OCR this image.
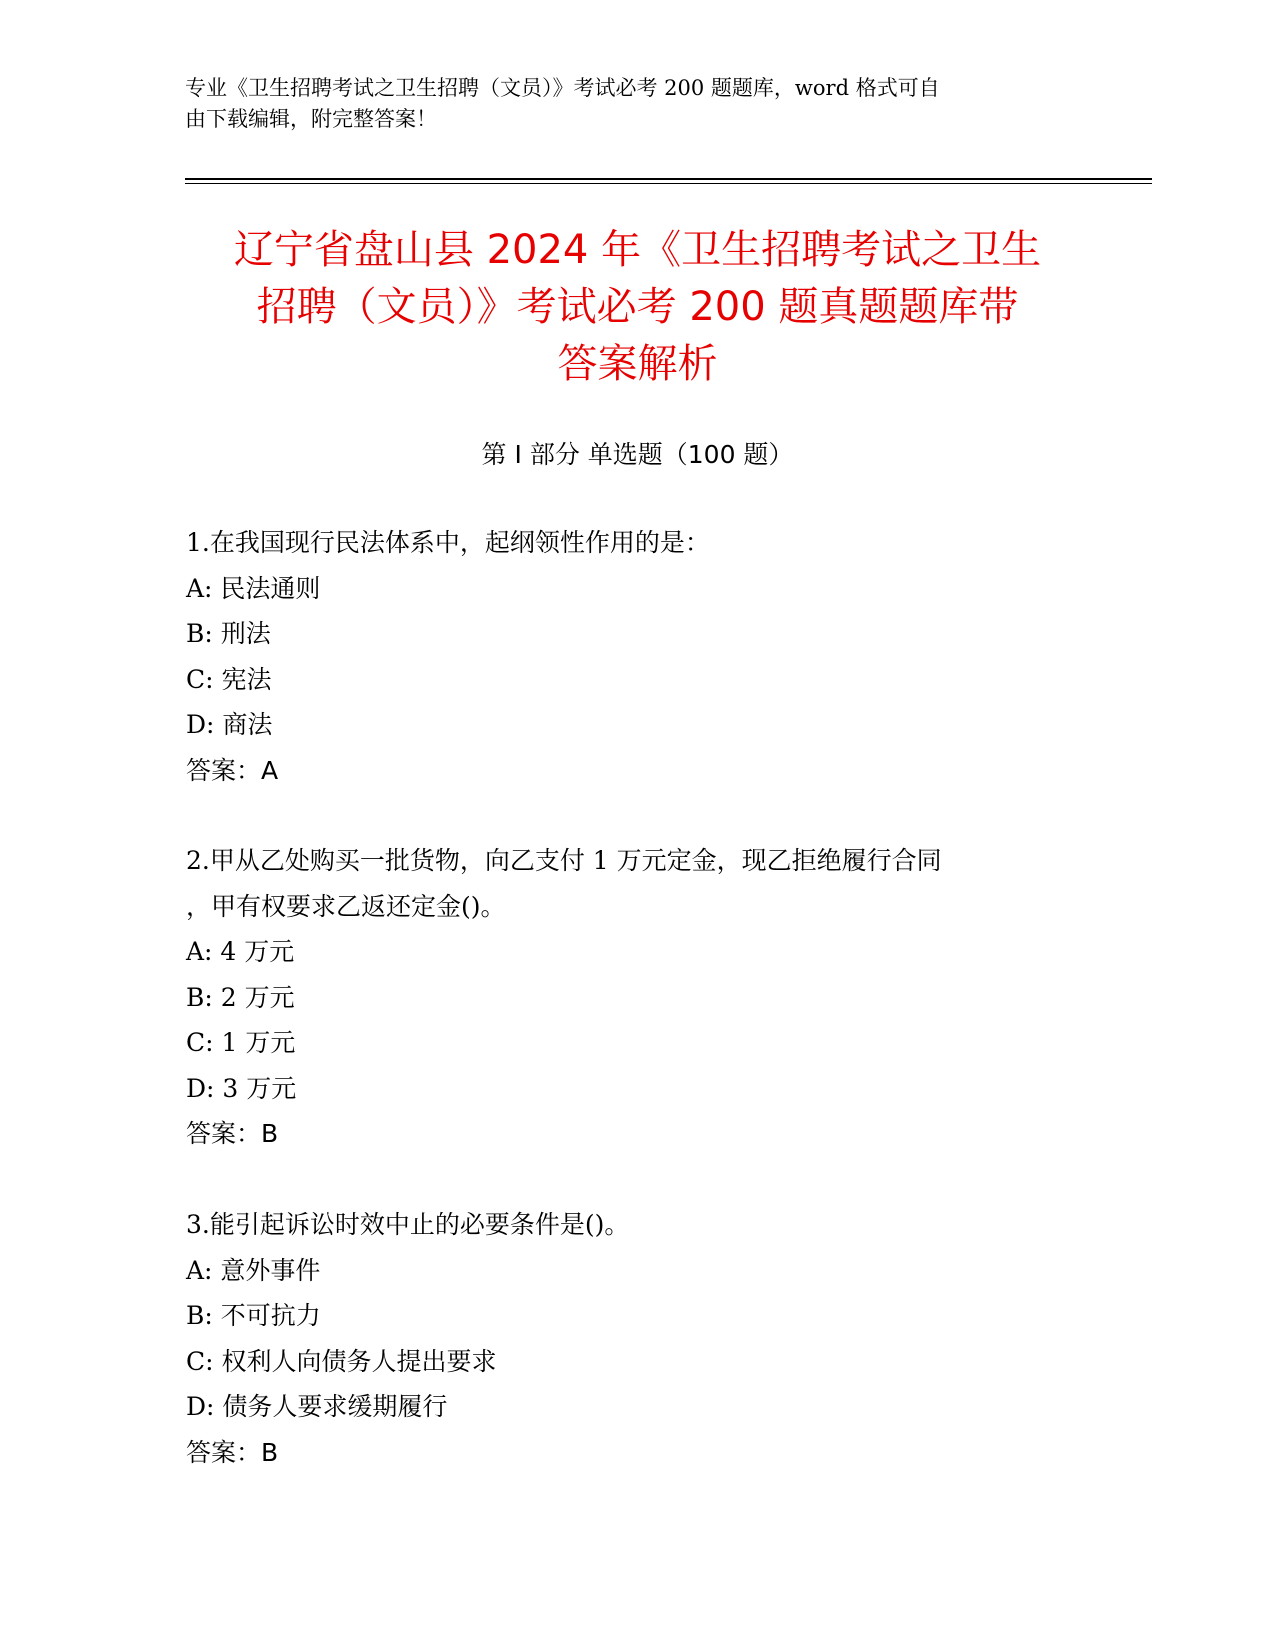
专业《卫生招聘考试之卫生招聘（文员）》考试必考 200 题题库，word 格式可自
由下载编辑，附完整答案！
辽宁省盘山县 2024 年《卫生招聘考试之卫生
招聘（文员）》考试必考 200 题真题题库带
答案解析
第 I 部分 单选题（100 题）
1.在我国现行民法体系中，起纲领性作用的是：
A: 民法通则
B: 刑法
C: 宪法
D: 商法
答案：A
2.甲从乙处购买一批货物，向乙支付 1 万元定金，现乙拒绝履行合同
，甲有权要求乙返还定金()。
A: 4 万元
B: 2 万元
C: 1 万元
D: 3 万元
答案：B
3.能引起诉讼时效中止的必要条件是()。
A: 意外事件
B: 不可抗力
C: 权利人向债务人提出要求
D: 债务人要求缓期履行
答案：B
